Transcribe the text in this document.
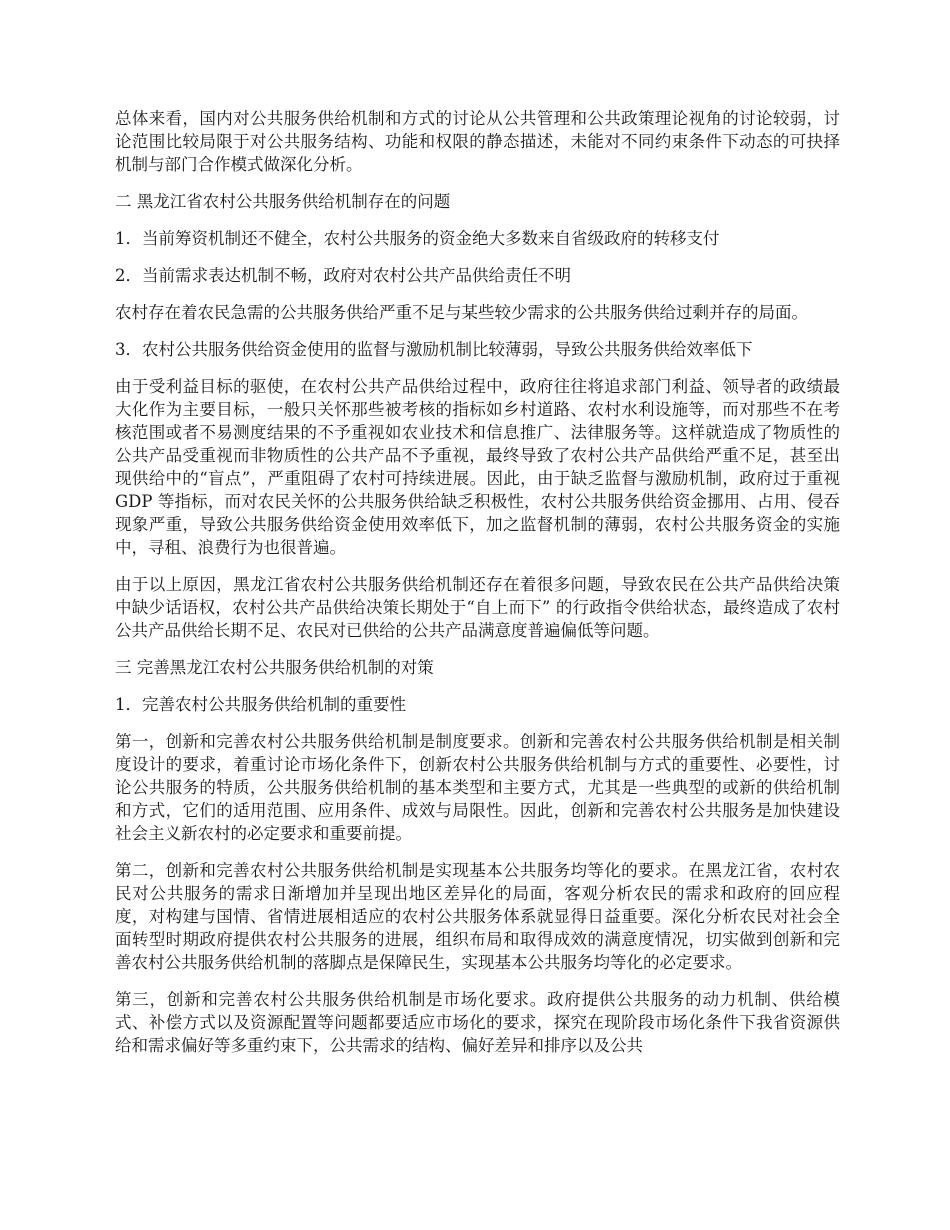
总体来看，国内对公共服务供给机制和方式的讨论从公共管理和公共政策理论视角的讨论较弱，讨论范围比较局限于对公共服务结构、功能和权限的静态描述，未能对不同约束条件下动态的可抉择机制与部门合作模式做深化分析。

二 黑龙江省农村公共服务供给机制存在的问题

1．当前筹资机制还不健全，农村公共服务的资金绝大多数来自省级政府的转移支付

2．当前需求表达机制不畅，政府对农村公共产品供给责任不明

农村存在着农民急需的公共服务供给严重不足与某些较少需求的公共服务供给过剩并存的局面。

3．农村公共服务供给资金使用的监督与激励机制比较薄弱，导致公共服务供给效率低下

由于受利益目标的驱使，在农村公共产品供给过程中，政府往往将追求部门利益、领导者的政绩最大化作为主要目标，一般只关怀那些被考核的指标如乡村道路、农村水利设施等，而对那些不在考核范围或者不易测度结果的不予重视如农业技术和信息推广、法律服务等。这样就造成了物质性的公共产品受重视而非物质性的公共产品不予重视，最终导致了农村公共产品供给严重不足，甚至出现供给中的“盲点”，严重阻碍了农村可持续进展。因此，由于缺乏监督与激励机制，政府过于重视 GDP 等指标，而对农民关怀的公共服务供给缺乏积极性，农村公共服务供给资金挪用、占用、侵吞现象严重，导致公共服务供给资金使用效率低下，加之监督机制的薄弱，农村公共服务资金的实施中，寻租、浪费行为也很普遍。

由于以上原因，黑龙江省农村公共服务供给机制还存在着很多问题，导致农民在公共产品供给决策中缺少话语权，农村公共产品供给决策长期处于“自上而下” 的行政指令供给状态，最终造成了农村公共产品供给长期不足、农民对已供给的公共产品满意度普遍偏低等问题。

三 完善黑龙江农村公共服务供给机制的对策

1．完善农村公共服务供给机制的重要性

第一，创新和完善农村公共服务供给机制是制度要求。创新和完善农村公共服务供给机制是相关制度设计的要求，着重讨论市场化条件下，创新农村公共服务供给机制与方式的重要性、必要性，讨论公共服务的特质，公共服务供给机制的基本类型和主要方式，尤其是一些典型的或新的供给机制和方式，它们的适用范围、应用条件、成效与局限性。因此，创新和完善农村公共服务是加快建设社会主义新农村的必定要求和重要前提。

第二，创新和完善农村公共服务供给机制是实现基本公共服务均等化的要求。在黑龙江省，农村农民对公共服务的需求日渐增加并呈现出地区差异化的局面，客观分析农民的需求和政府的回应程度，对构建与国情、省情进展相适应的农村公共服务体系就显得日益重要。深化分析农民对社会全面转型时期政府提供农村公共服务的进展，组织布局和取得成效的满意度情况，切实做到创新和完善农村公共服务供给机制的落脚点是保障民生，实现基本公共服务均等化的必定要求。

第三，创新和完善农村公共服务供给机制是市场化要求。政府提供公共服务的动力机制、供给模式、补偿方式以及资源配置等问题都要适应市场化的要求，探究在现阶段市场化条件下我省资源供给和需求偏好等多重约束下，公共需求的结构、偏好差异和排序以及公共
